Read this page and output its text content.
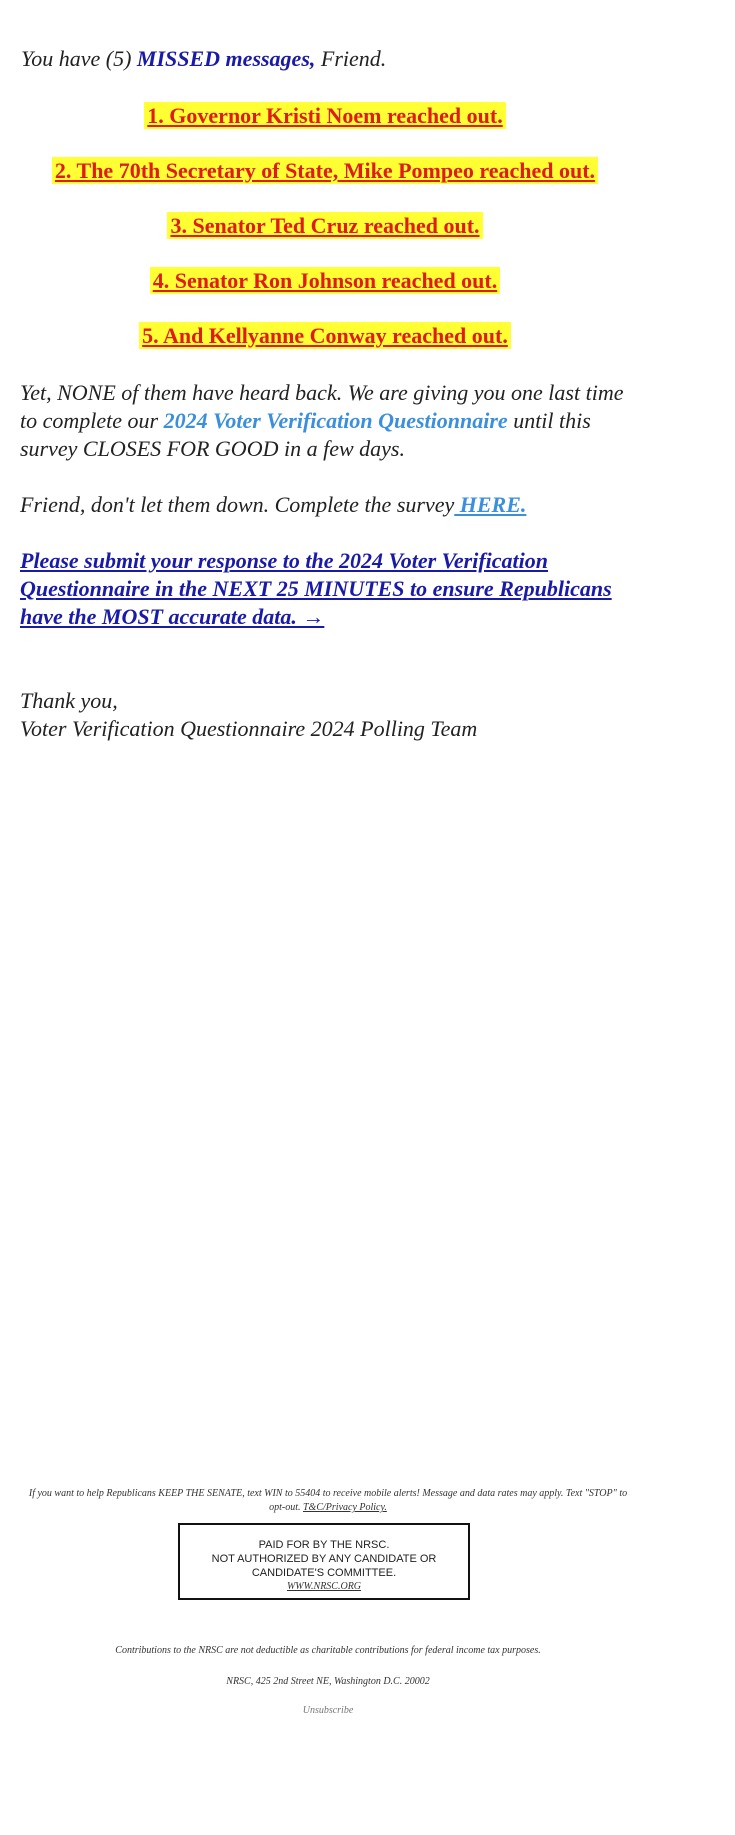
You have (5) MISSED messages, Friend.
1. Governor Kristi Noem reached out.
2. The 70th Secretary of State, Mike Pompeo reached out.
3. Senator Ted Cruz reached out.
4. Senator Ron Johnson reached out.
5. And Kellyanne Conway reached out.
Yet, NONE of them have heard back. We are giving you one last time to complete our 2024 Voter Verification Questionnaire until this survey CLOSES FOR GOOD in a few days.
Friend, don't let them down. Complete the survey HERE.
Please submit your response to the 2024 Voter Verification Questionnaire in the NEXT 25 MINUTES to ensure Republicans have the MOST accurate data. →
Thank you,
Voter Verification Questionnaire 2024 Polling Team
If you want to help Republicans KEEP THE SENATE, text WIN to 55404 to receive mobile alerts! Message and data rates may apply. Text "STOP" to opt-out. T&C/Privacy Policy.
PAID FOR BY THE NRSC.
NOT AUTHORIZED BY ANY CANDIDATE OR
CANDIDATE'S COMMITTEE.
WWW.NRSC.ORG
Contributions to the NRSC are not deductible as charitable contributions for federal income tax purposes.
NRSC, 425 2nd Street NE, Washington D.C. 20002
Unsubscribe
